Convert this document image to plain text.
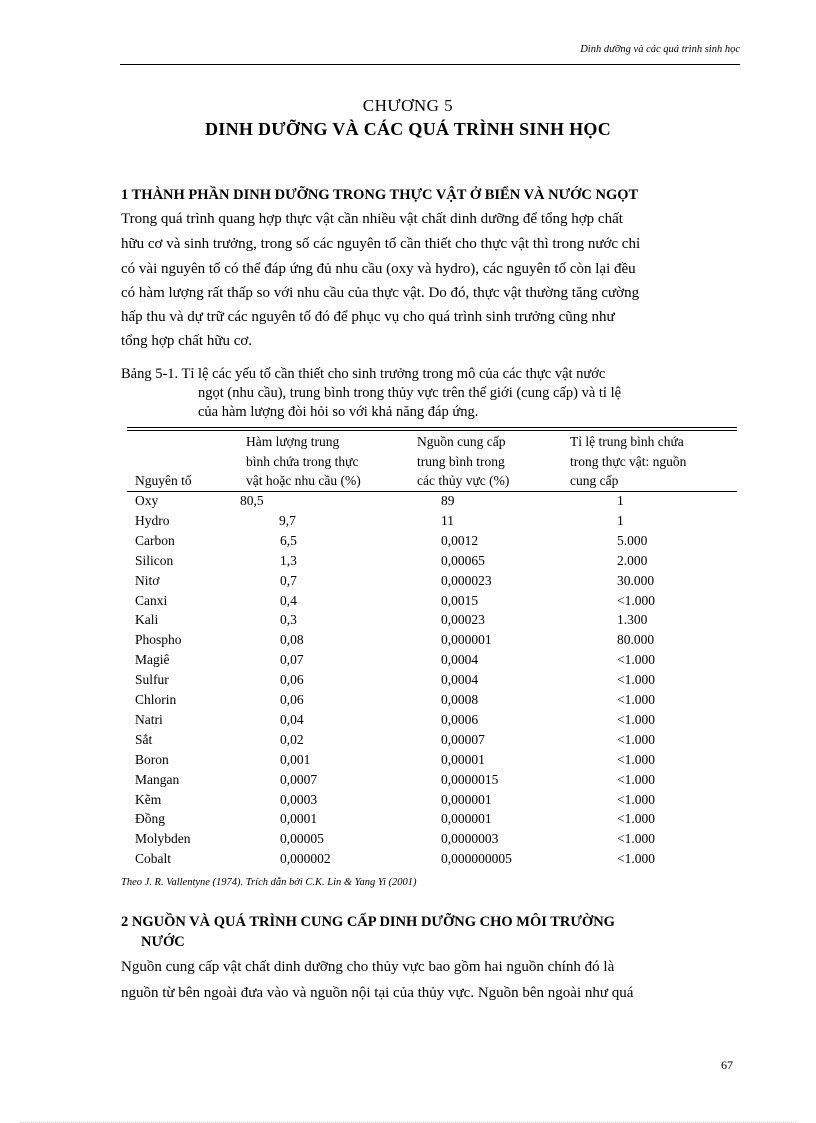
Dinh dưỡng và các quá trình sinh học
CHƯƠNG 5
DINH DƯỠNG VÀ CÁC QUÁ TRÌNH SINH HỌC
1 THÀNH PHẦN DINH DƯỠNG TRONG THỰC VẬT Ở BIỂN VÀ NƯỚC NGỌT
Trong quá trình quang hợp thực vật cần nhiều vật chất dinh dưỡng để tổng hợp chất
hữu cơ và sinh trưởng, trong số các nguyên tố cần thiết cho thực vật thì trong nước chỉ
có vài nguyên tố có thể đáp ứng đủ nhu cầu (oxy và hydro), các nguyên tố còn lại đều
có hàm lượng rất thấp so với nhu cầu của thực vật. Do đó, thực vật thường tăng cường
hấp thu và dự trữ các nguyên tố đó để phục vụ cho quá trình sinh trưởng cũng như
tổng hợp chất hữu cơ.
Bảng 5-1. Tỉ lệ các yếu tố cần thiết cho sinh trưởng trong mô của các thực vật nước
ngọt (nhu cầu), trung bình trong thủy vực trên thế giới (cung cấp) và tỉ lệ
của hàm lượng đòi hỏi so với khả năng đáp ứng.
Nguyên tố
Hàm lượng trung
bình chứa trong thực
vật hoặc nhu cầu (%)
Nguồn cung cấp
trung bình trong
các thủy vực (%)
Tỉ lệ trung bình chứa
trong thực vật: nguồn
cung cấp
Oxy	80,5	89	1
Hydro	9,7	11	1
Carbon	6,5	0,0012	5.000
Silicon	1,3	0,00065	2.000
Nitơ	0,7	0,000023	30.000
Canxi	0,4	0,0015	<1.000
Kali	0,3	0,00023	1.300
Phospho	0,08	0,000001	80.000
Magiê	0,07	0,0004	<1.000
Sulfur	0,06	0,0004	<1.000
Chlorin	0,06	0,0008	<1.000
Natri	0,04	0,0006	<1.000
Sắt	0,02	0,00007	<1.000
Boron	0,001	0,00001	<1.000
Mangan	0,0007	0,0000015	<1.000
Kẽm	0,0003	0,000001	<1.000
Đồng	0,0001	0,000001	<1.000
Molybden	0,00005	0,0000003	<1.000
Cobalt	0,000002	0,000000005	<1.000
Theo J. R. Vallentyne (1974). Trích dẫn bởi C.K. Lin & Yang Yi (2001)
2 NGUỒN VÀ QUÁ TRÌNH CUNG CẤP DINH DƯỠNG CHO MÔI TRƯỜNG
NƯỚC
Nguồn cung cấp vật chất dinh dưỡng cho thủy vực bao gồm hai nguồn chính đó là
nguồn từ bên ngoài đưa vào và nguồn nội tại của thủy vực. Nguồn bên ngoài như quá
67
